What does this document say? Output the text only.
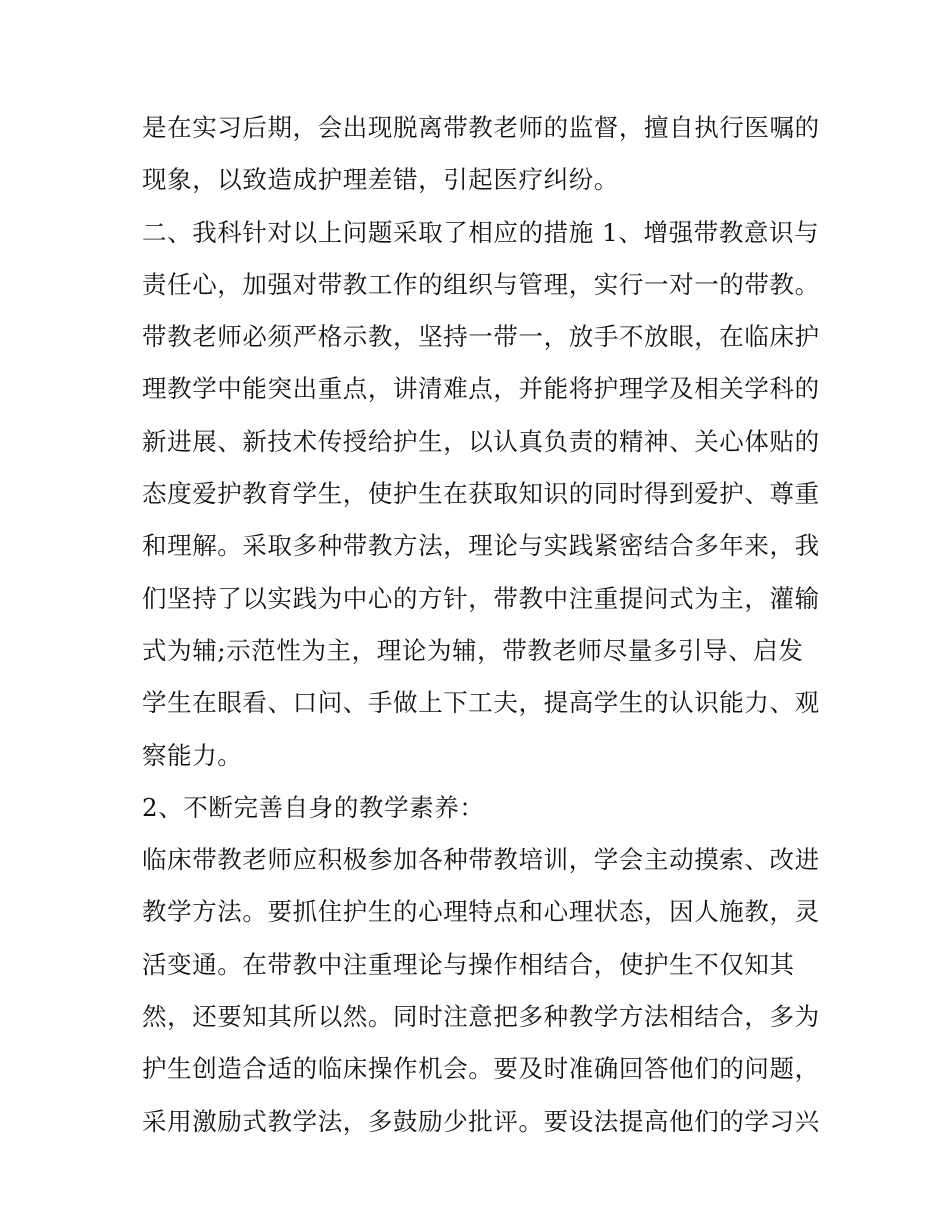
是在实习后期，会出现脱离带教老师的监督，擅自执行医嘱的
现象，以致造成护理差错，引起医疗纠纷。
二、我科针对以上问题采取了相应的措施 1、增强带教意识与
责任心，加强对带教工作的组织与管理，实行一对一的带教。
带教老师必须严格示教，坚持一带一，放手不放眼，在临床护
理教学中能突出重点，讲清难点，并能将护理学及相关学科的
新进展、新技术传授给护生，以认真负责的精神、关心体贴的
态度爱护教育学生，使护生在获取知识的同时得到爱护、尊重
和理解。采取多种带教方法，理论与实践紧密结合多年来，我
们坚持了以实践为中心的方针，带教中注重提问式为主，灌输
式为辅;示范性为主，理论为辅，带教老师尽量多引导、启发
学生在眼看、口问、手做上下工夫，提高学生的认识能力、观
察能力。
2、不断完善自身的教学素养：
临床带教老师应积极参加各种带教培训，学会主动摸索、改进
教学方法。要抓住护生的心理特点和心理状态，因人施教，灵
活变通。在带教中注重理论与操作相结合，使护生不仅知其
然，还要知其所以然。同时注意把多种教学方法相结合，多为
护生创造合适的临床操作机会。要及时准确回答他们的问题，
采用激励式教学法，多鼓励少批评。要设法提高他们的学习兴
